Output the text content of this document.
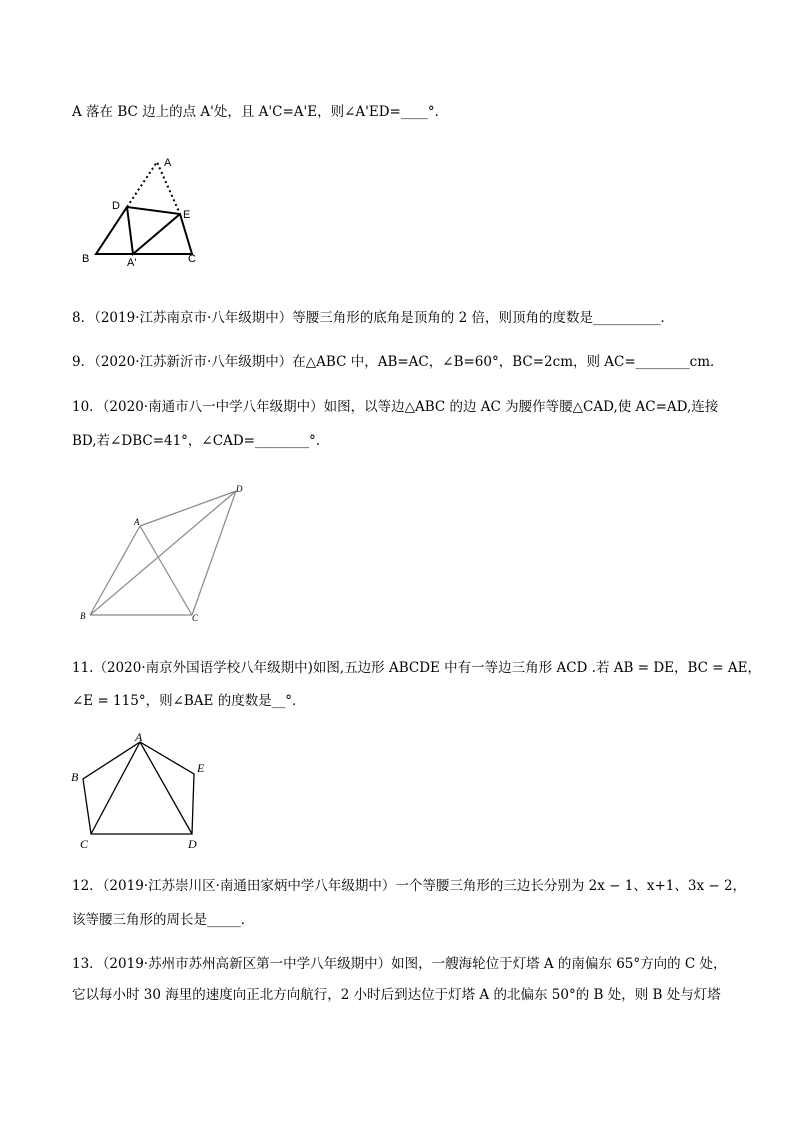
A 落在 BC 边上的点 A'处，且 A'C=A'E，则∠A'ED=____°．

A
D
E
B	A'	C

8．（2019·江苏南京市·八年级期中）等腰三角形的底角是顶角的 2 倍，则顶角的度数是__________．

9．（2020·江苏新沂市·八年级期中）在△ABC 中，AB=AC，∠B=60°，BC=2cm，则 AC=________cm．

10．（2020·南通市八一中学八年级期中）如图，以等边△ABC 的边 AC 为腰作等腰△CAD,使 AC=AD,连接

BD,若∠DBC=41°，∠CAD=________°.

D
A
B	C

11.（2020·南京外国语学校八年级期中)如图,五边形 ABCDE 中有一等边三角形 ACD .若 AB = DE，BC = AE，

∠E = 115°，则∠BAE 的度数是__°．

A
B
E
C	D

12．（2019·江苏崇川区·南通田家炳中学八年级期中）一个等腰三角形的三边长分别为 2x − 1、x+1、3x − 2，

该等腰三角形的周长是_____．

13．（2019·苏州市苏州高新区第一中学八年级期中）如图，一艘海轮位于灯塔 A 的南偏东 65°方向的 C 处，

它以每小时 30 海里的速度向正北方向航行，2 小时后到达位于灯塔 A 的北偏东 50°的 B 处，则 B 处与灯塔
